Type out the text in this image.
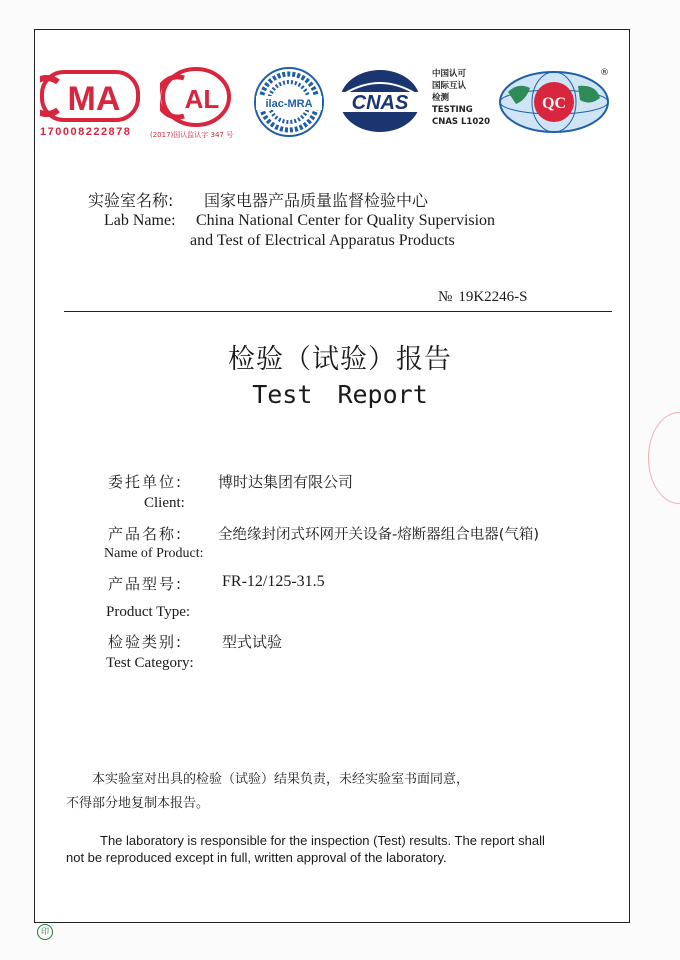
MA
170008222878
AL
(2017)国认监认字 347 号
ilac-MRA CNAS
中国认可
国际互认
检测
TESTING
CNAS L1020
QC
®
实验室名称: 国家电器产品质量监督检验中心
Lab Name: China National Center for Quality Supervision
and Test of Electrical Apparatus Products
№ 19K2246-S
检验（试验）报告
Test Report
委托单位: 博时达集团有限公司
Client:
产品名称: 全绝缘封闭式环网开关设备-熔断器组合电器(气箱)
Name of Product:
产品型号: FR-12/125-31.5
Product Type:
检验类别:	型式试验
Test Category:
本实验室对出具的检验（试验）结果负责，未经实验室书面同意，
不得部分地复制本报告。
The laboratory is responsible for the inspection (Test) results. The report shall
not be reproduced except in full, written approval of the laboratory.
印
